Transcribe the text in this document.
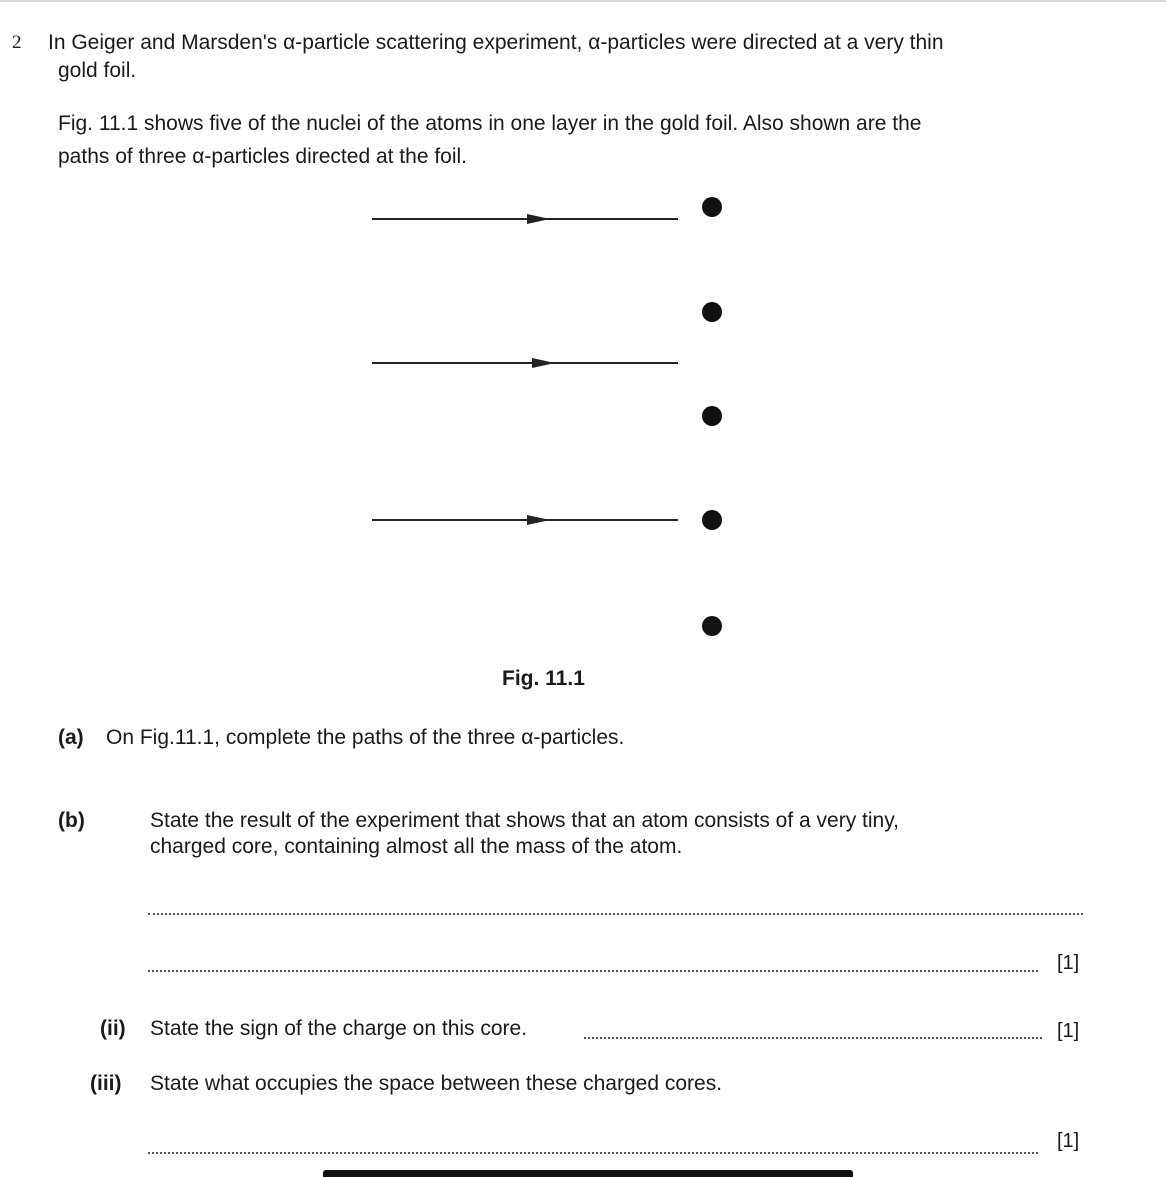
2 In Geiger and Marsden's α-particle scattering experiment, α-particles were directed at a very thin
gold foil.
Fig. 11.1 shows five of the nuclei of the atoms in one layer in the gold foil. Also shown are the
paths of three α-particles directed at the foil.
Fig. 11.1
(a) On Fig.11.1, complete the paths of the three α-particles.
(b)	State the result of the experiment that shows that an atom consists of a very tiny,
charged core, containing almost all the mass of the atom.
[1]
(ii) State the sign of the charge on this core.	[1]
(iii) State what occupies the space between these charged cores.
[1]
